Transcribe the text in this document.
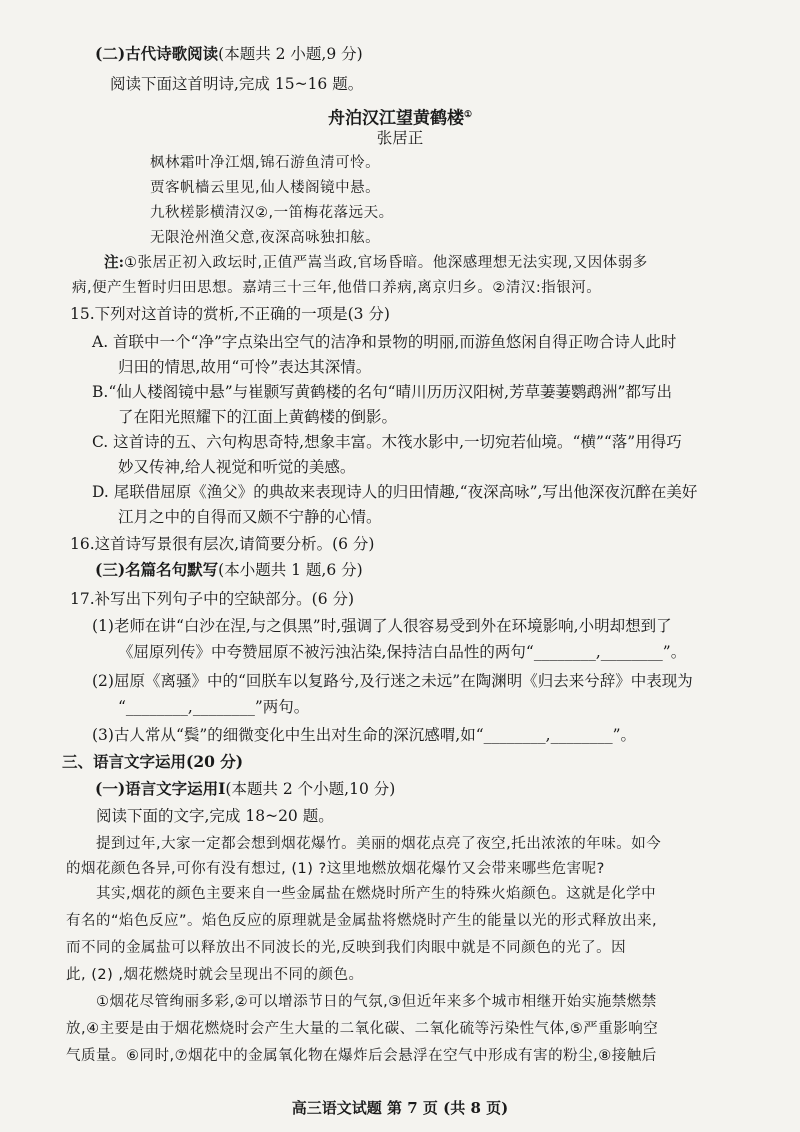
(二)古代诗歌阅读(本题共 2 小题,9 分)
阅读下面这首明诗,完成 15~16 题。
舟泊汉江望黄鹤楼①
张居正
枫林霜叶净江烟,锦石游鱼清可怜。
贾客帆樯云里见,仙人楼阁镜中悬。
九秋槎影横清汉②,一笛梅花落远天。
无限沧州渔父意,夜深高咏独扣舷。
注:①张居正初入政坛时,正值严嵩当政,官场昏暗。他深感理想无法实现,又因体弱多
病,便产生暂时归田思想。嘉靖三十三年,他借口养病,离京归乡。②清汉:指银河。
15.下列对这首诗的赏析,不正确的一项是(3 分)
A. 首联中一个“净”字点染出空气的洁净和景物的明丽,而游鱼悠闲自得正吻合诗人此时
归田的情思,故用“可怜”表达其深情。
B.“仙人楼阁镜中悬”与崔颢写黄鹤楼的名句“晴川历历汉阳树,芳草萋萋鹦鹉洲”都写出
了在阳光照耀下的江面上黄鹤楼的倒影。
C. 这首诗的五、六句构思奇特,想象丰富。木筏水影中,一切宛若仙境。“横”“落”用得巧
妙又传神,给人视觉和听觉的美感。
D. 尾联借屈原《渔父》的典故来表现诗人的归田情趣,“夜深高咏”,写出他深夜沉醉在美好
江月之中的自得而又颇不宁静的心情。
16.这首诗写景很有层次,请简要分析。(6 分)
(三)名篇名句默写(本小题共 1 题,6 分)
17.补写出下列句子中的空缺部分。(6 分)
(1)老师在讲“白沙在涅,与之俱黑”时,强调了人很容易受到外在环境影响,小明却想到了
《屈原列传》中夸赞屈原不被污浊沾染,保持洁白品性的两句“________,________”。
(2)屈原《离骚》中的“回朕车以复路兮,及行迷之未远”在陶渊明《归去来兮辞》中表现为
“________,________”两句。
(3)古人常从“鬓”的细微变化中生出对生命的深沉感喟,如“________,________”。
三、语言文字运用(20 分)
(一)语言文字运用Ⅰ(本题共 2 个小题,10 分)
阅读下面的文字,完成 18~20 题。
提到过年,大家一定都会想到烟花爆竹。美丽的烟花点亮了夜空,托出浓浓的年味。如今
的烟花颜色各异,可你有没有想过, (1) ?这里地燃放烟花爆竹又会带来哪些危害呢?
其实,烟花的颜色主要来自一些金属盐在燃烧时所产生的特殊火焰颜色。这就是化学中
有名的“焰色反应”。焰色反应的原理就是金属盐将燃烧时产生的能量以光的形式释放出来,
而不同的金属盐可以释放出不同波长的光,反映到我们肉眼中就是不同颜色的光了。因
此, (2) ,烟花燃烧时就会呈现出不同的颜色。
①烟花尽管绚丽多彩,②可以增添节日的气氛,③但近年来多个城市相继开始实施禁燃禁
放,④主要是由于烟花燃烧时会产生大量的二氧化碳、二氧化硫等污染性气体,⑤严重影响空
气质量。⑥同时,⑦烟花中的金属氧化物在爆炸后会悬浮在空气中形成有害的粉尘,⑧接触后
高三语文试题 第 7 页 (共 8 页)
